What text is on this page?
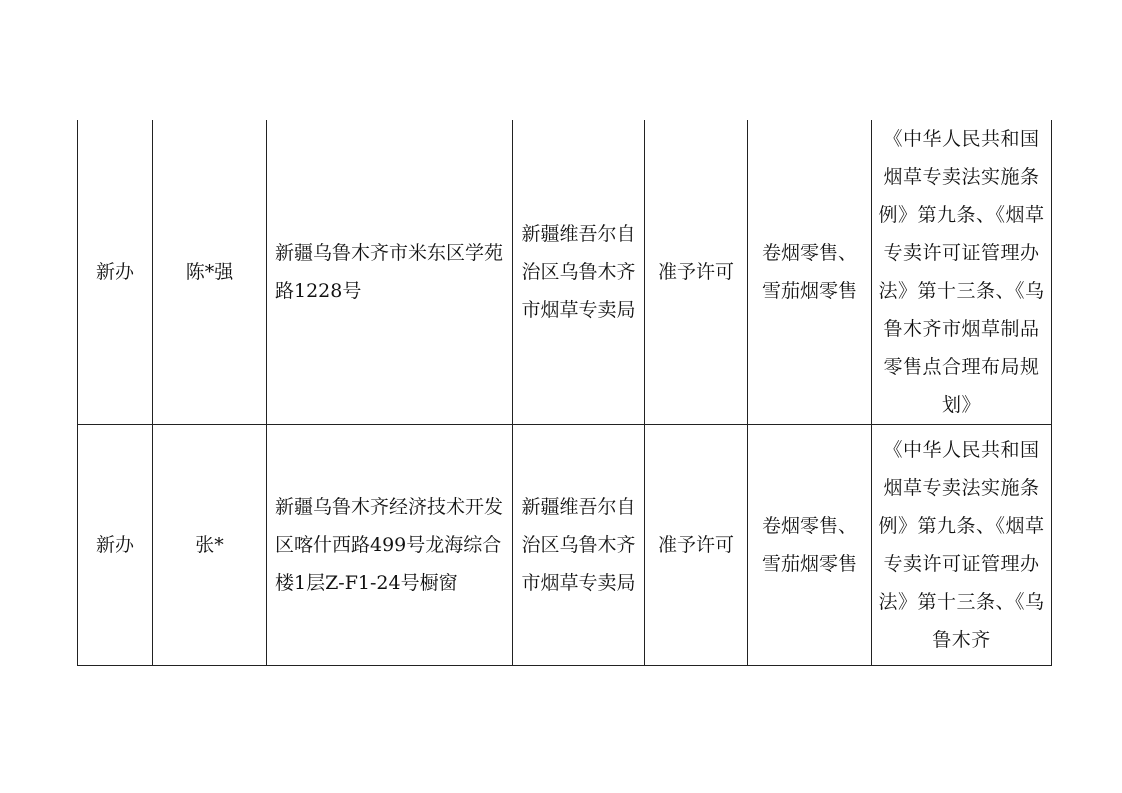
新办	陈*强	新疆乌鲁木齐市米东区学苑路1228号	新疆维吾尔自治区乌鲁木齐市烟草专卖局	准予许可	卷烟零售、雪茄烟零售	《中华人民共和国烟草专卖法实施条例》第九条、《烟草专卖许可证管理办法》第十三条、《乌鲁木齐市烟草制品零售点合理布局规划》

新办	张*	新疆乌鲁木齐经济技术开发区喀什西路499号龙海综合楼1层Z-F1-24号橱窗	新疆维吾尔自治区乌鲁木齐市烟草专卖局	准予许可	卷烟零售、雪茄烟零售	《中华人民共和国烟草专卖法实施条例》第九条、《烟草专卖许可证管理办法》第十三条、《乌鲁木齐
